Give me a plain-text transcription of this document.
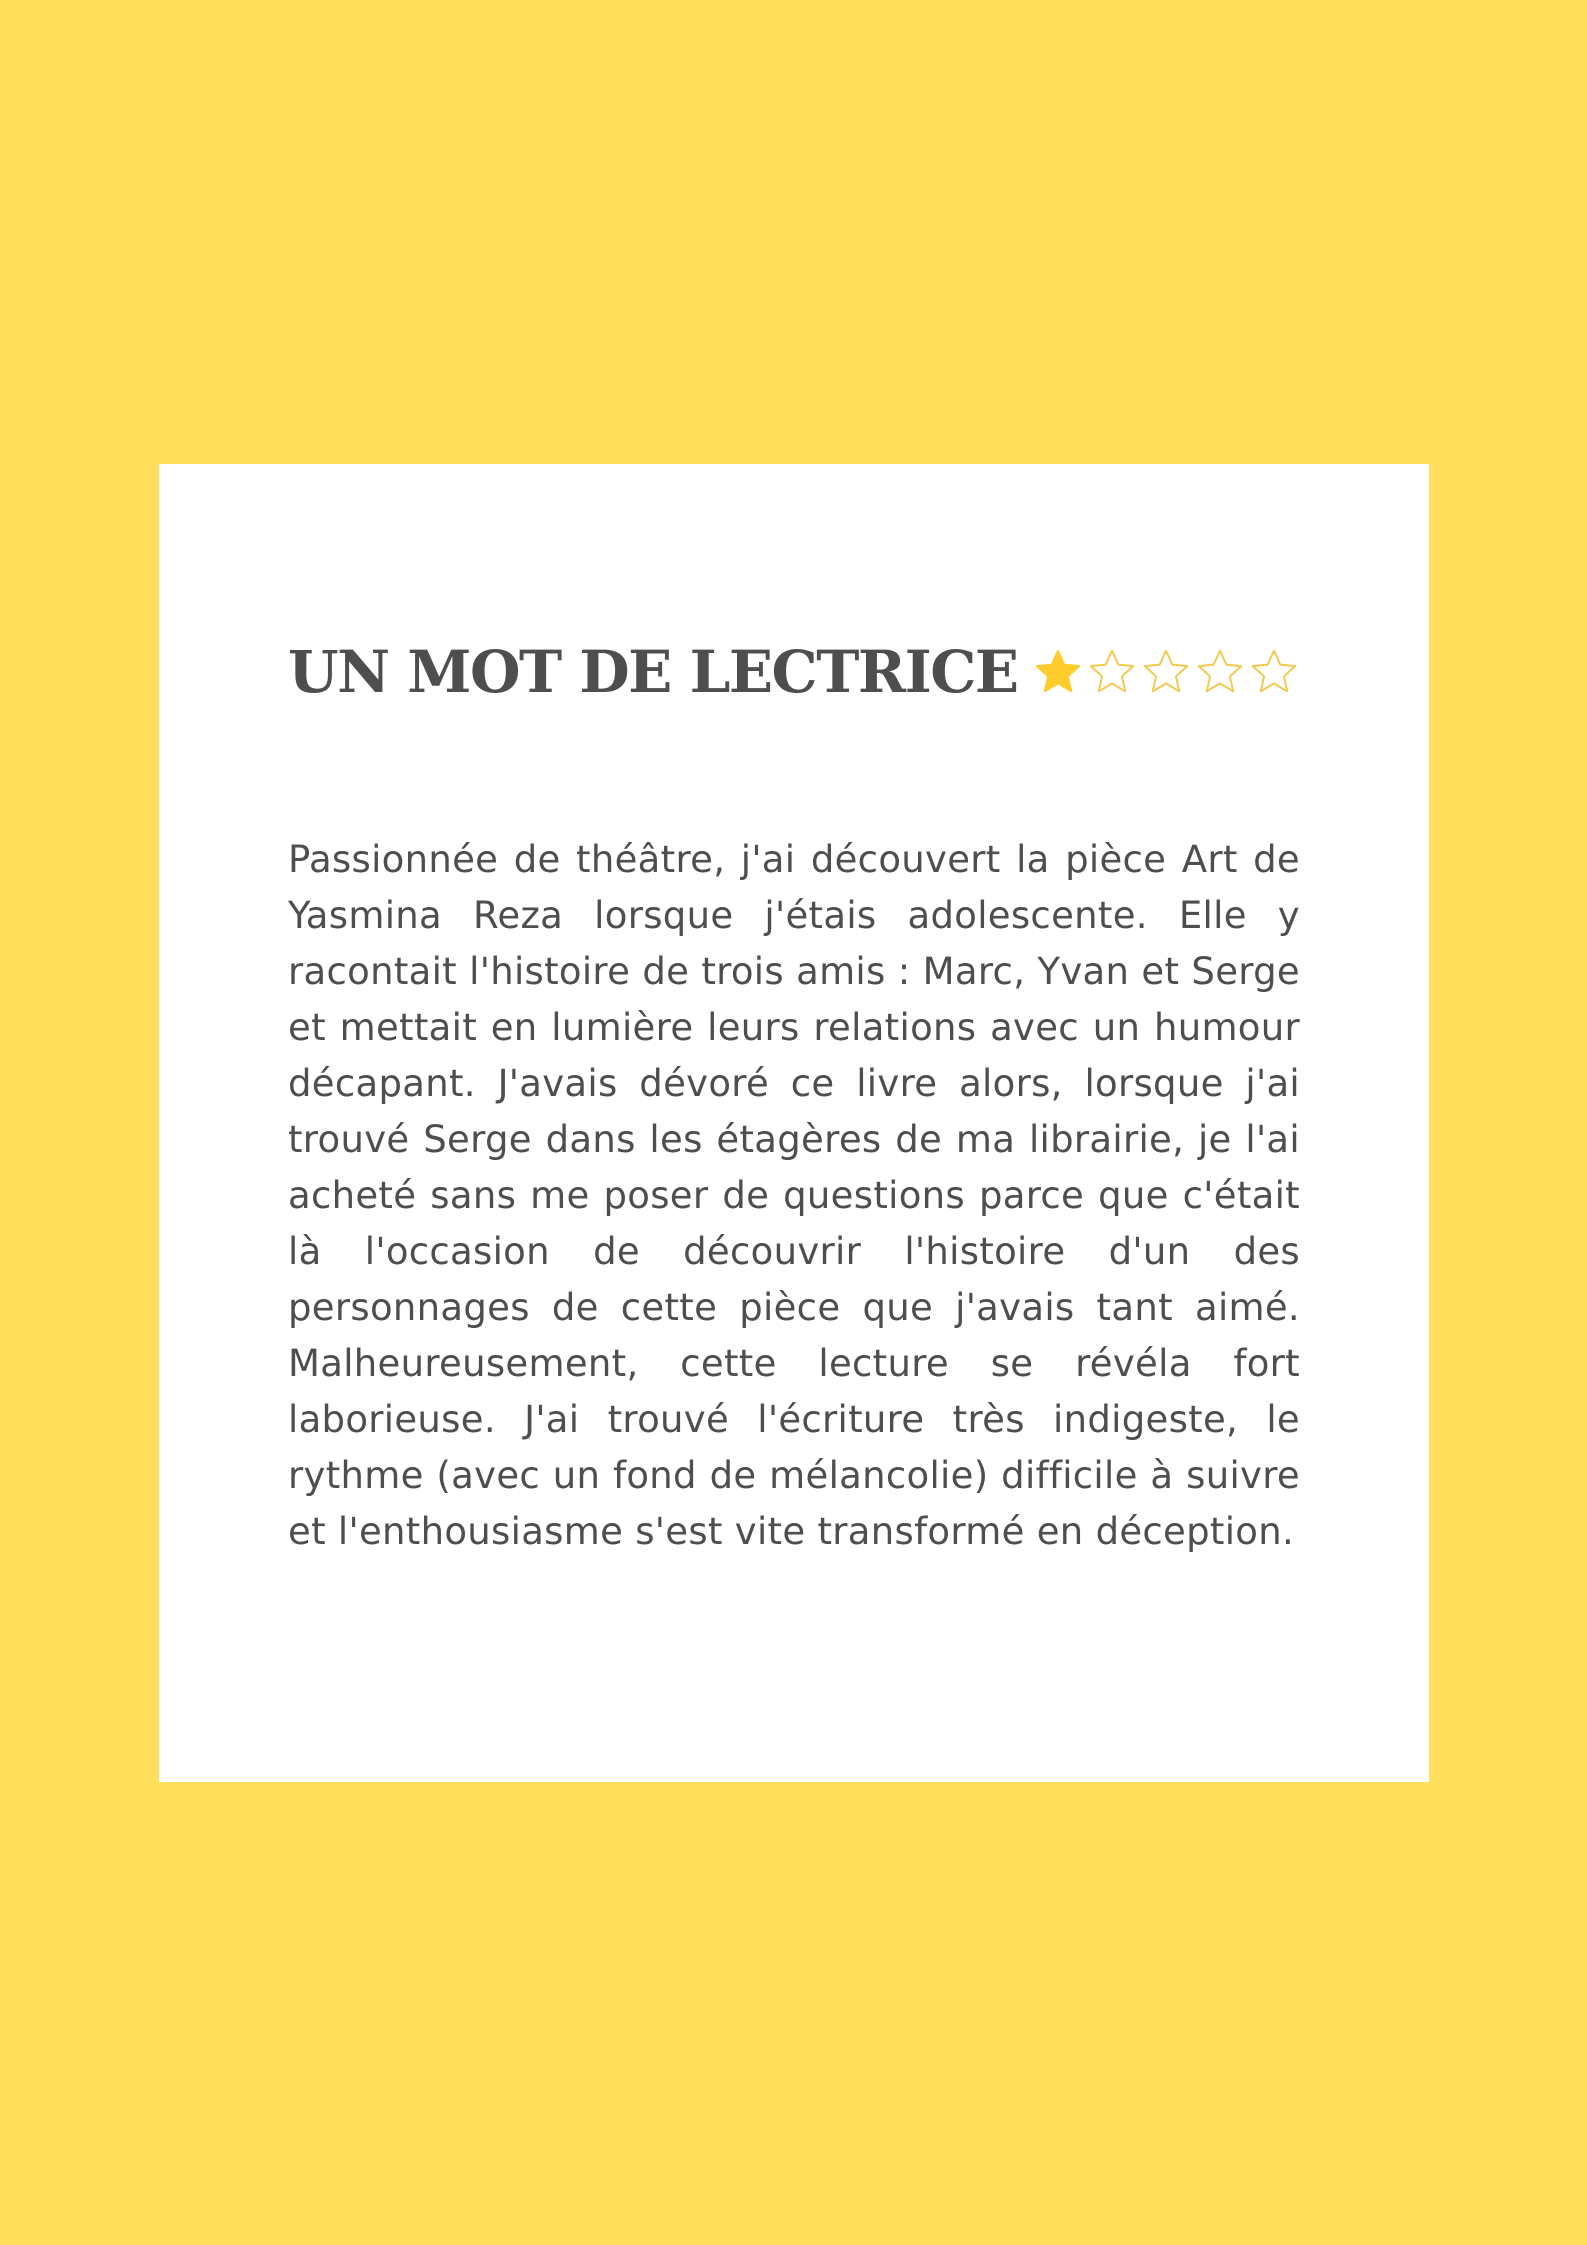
UN MOT DE LECTRICE

Passionnée de théâtre, j'ai découvert la pièce Art de Yasmina Reza lorsque j'étais adolescente. Elle y racontait l'histoire de trois amis : Marc, Yvan et Serge et mettait en lumière leurs relations avec un humour décapant. J'avais dévoré ce livre alors, lorsque j'ai trouvé Serge dans les étagères de ma librairie, je l'ai acheté sans me poser de questions parce que c'était là l'occasion de découvrir l'histoire d'un des personnages de cette pièce que j'avais tant aimé. Malheureusement, cette lecture se révéla fort laborieuse. J'ai trouvé l'écriture très indigeste, le rythme (avec un fond de mélancolie) difficile à suivre et l'enthousiasme s'est vite transformé en déception.
